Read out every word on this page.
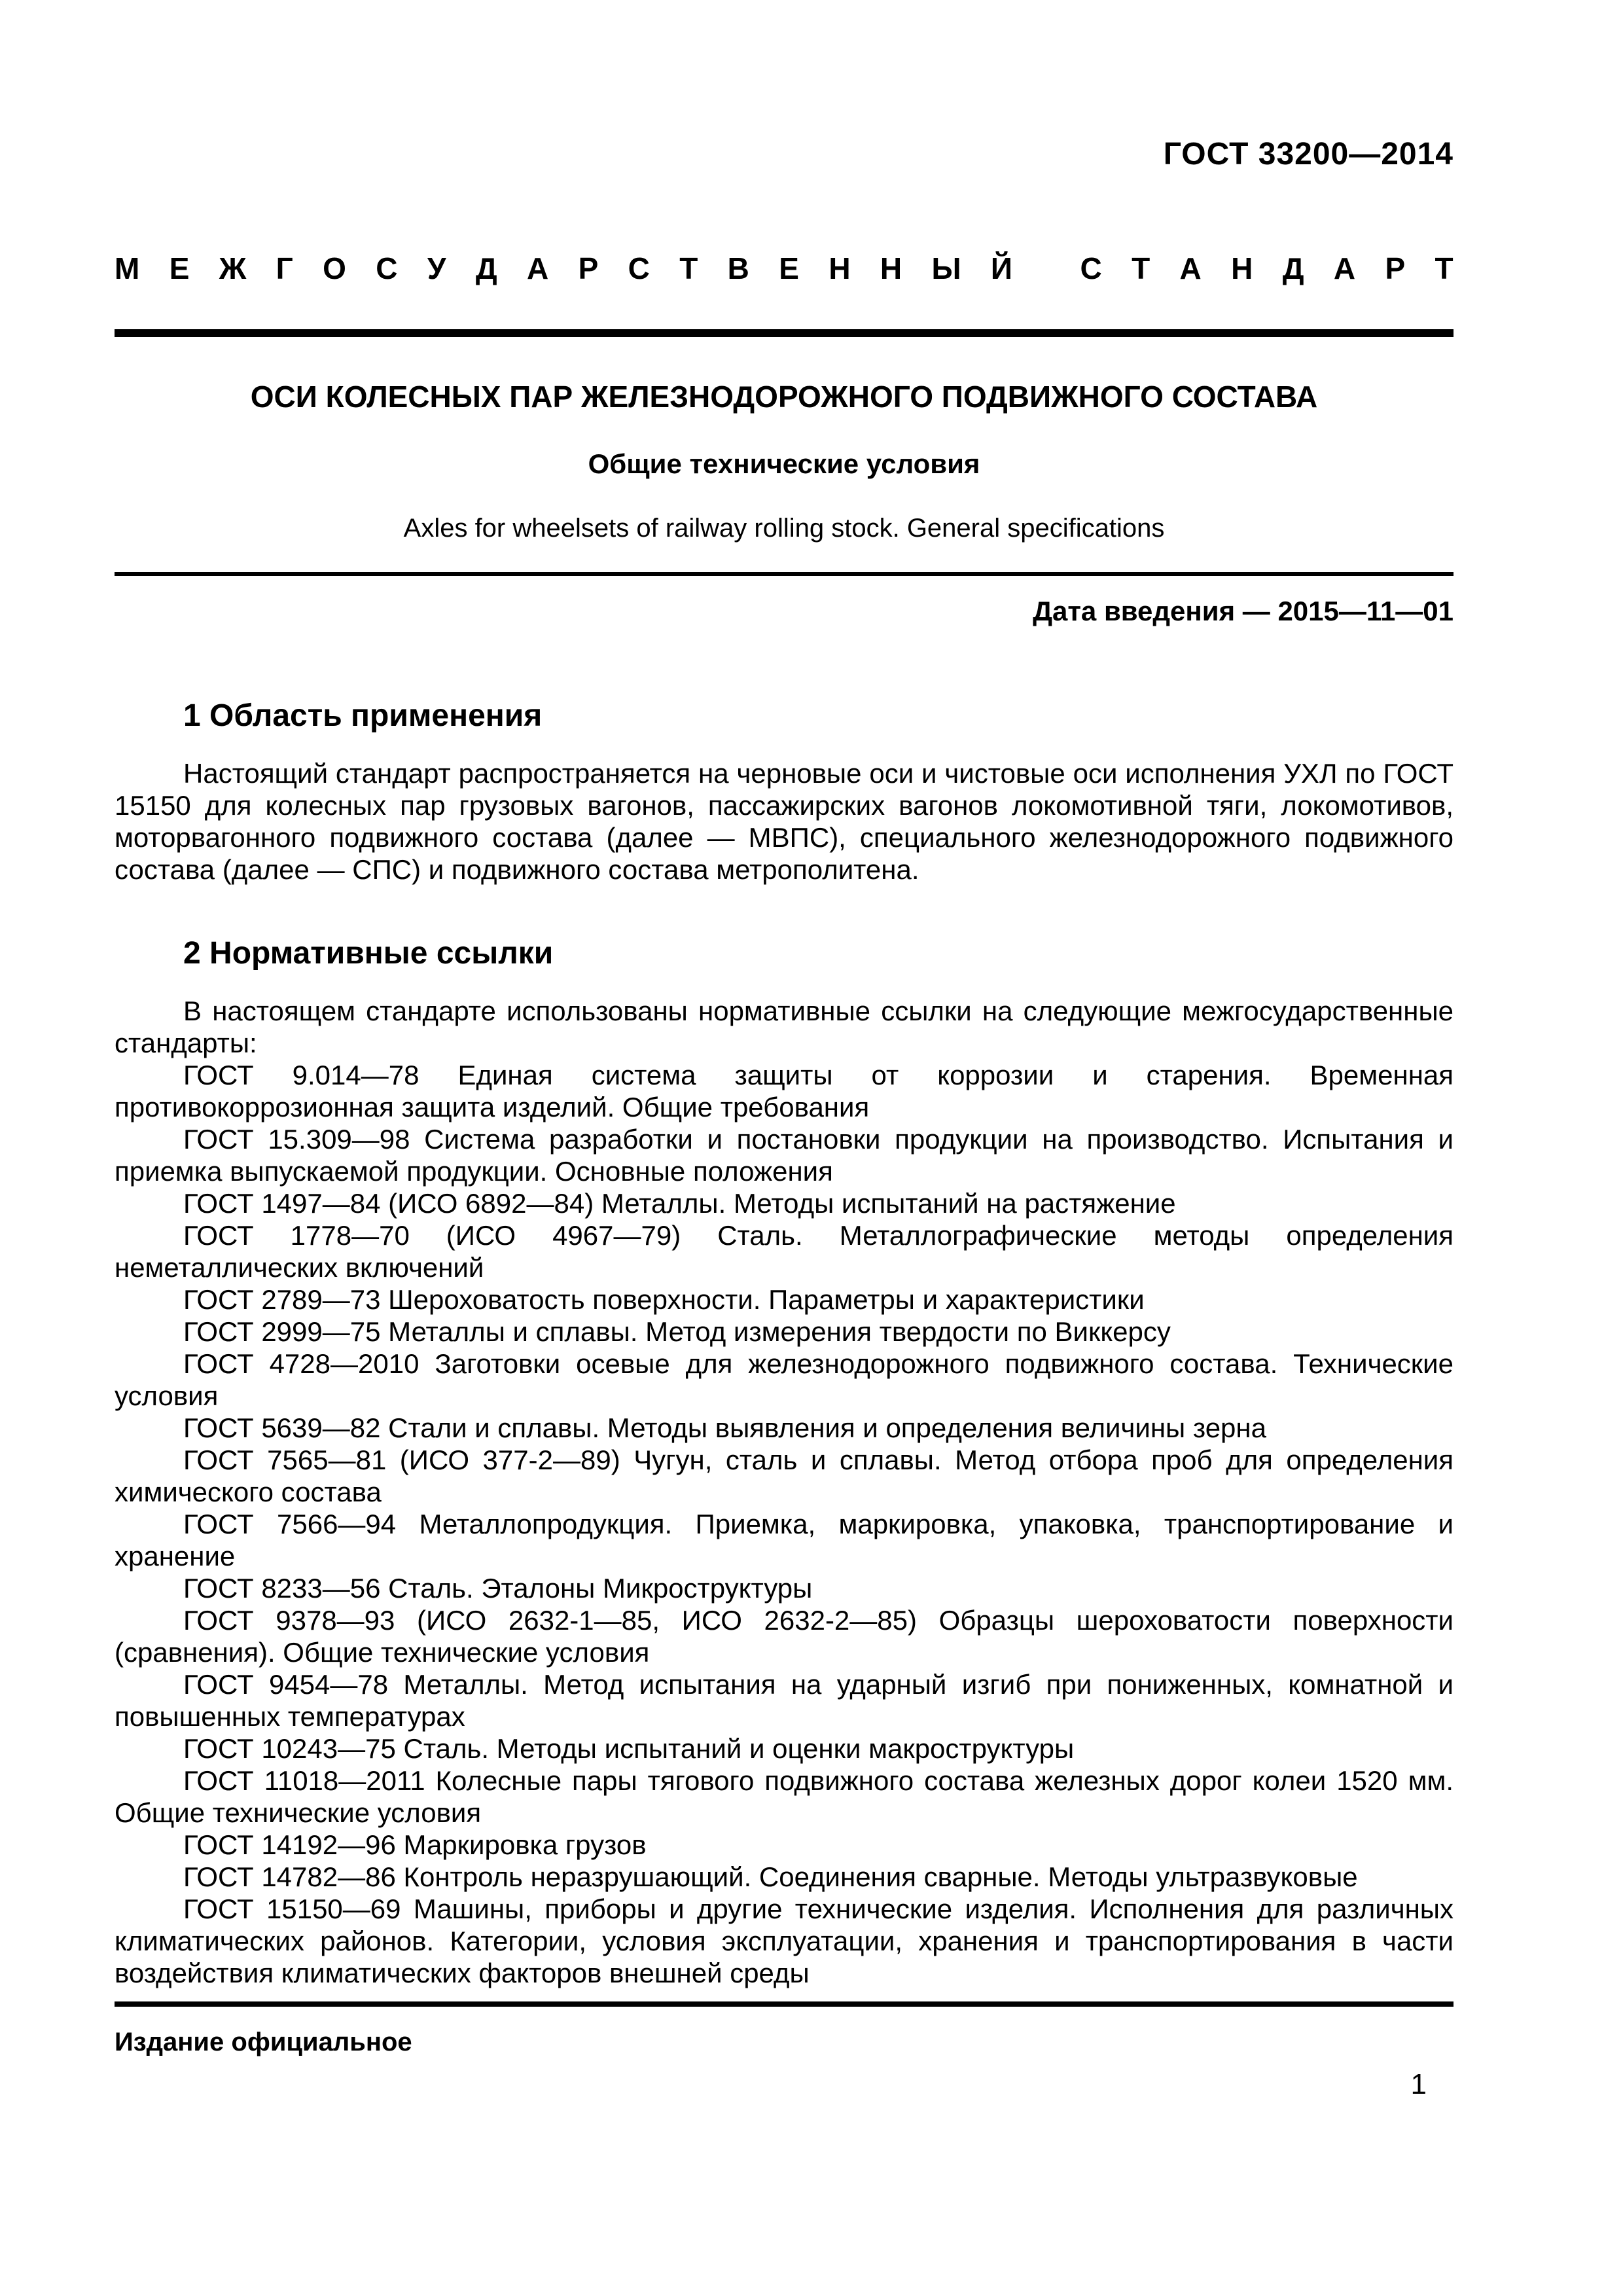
ГОСТ 33200—2014
М Е Ж Г О С У Д А Р С Т В Е Н Н Ы Й
С Т А Н Д А Р Т
ОСИ КОЛЕСНЫХ ПАР ЖЕЛЕЗНОДОРОЖНОГО ПОДВИЖНОГО СОСТАВА
Общие технические условия
Axles for wheelsets of railway rolling stock. General specifications
Дата введения — 2015—11—01
1 Область применения

Настоящий стандарт распространяется на черновые оси и чистовые оси исполнения УХЛ по ГОСТ 15150 для колесных пар грузовых вагонов, пассажирских вагонов локомотивной тяги, локомотивов, моторвагонного подвижного состава (далее — МВПС), специального железнодорожного подвижного состава (далее — СПС) и подвижного состава метрополитена.

2 Нормативные ссылки

В настоящем стандарте использованы нормативные ссылки на следующие межгосударственные стандарты:

ГОСТ 9.014—78 Единая система защиты от коррозии и старения. Временная противокоррозионная защита изделий. Общие требования

ГОСТ 15.309—98 Система разработки и постановки продукции на производство. Испытания и приемка выпускаемой продукции. Основные положения

ГОСТ 1497—84 (ИСО 6892—84) Металлы. Методы испытаний на растяжение

ГОСТ 1778—70 (ИСО 4967—79) Сталь. Металлографические методы определения неметаллических включений

ГОСТ 2789—73 Шероховатость поверхности. Параметры и характеристики

ГОСТ 2999—75 Металлы и сплавы. Метод измерения твердости по Виккерсу

ГОСТ 4728—2010 Заготовки осевые для железнодорожного подвижного состава. Технические условия

ГОСТ 5639—82 Стали и сплавы. Методы выявления и определения величины зерна

ГОСТ 7565—81 (ИСО 377-2—89) Чугун, сталь и сплавы. Метод отбора проб для определения химического состава

ГОСТ 7566—94 Металлопродукция. Приемка, маркировка, упаковка, транспортирование и хранение

ГОСТ 8233—56 Сталь. Эталоны Микроструктуры

ГОСТ 9378—93 (ИСО 2632-1—85, ИСО 2632-2—85) Образцы шероховатости поверхности (сравнения). Общие технические условия

ГОСТ 9454—78 Металлы. Метод испытания на ударный изгиб при пониженных, комнатной и повышенных температурах

ГОСТ 10243—75 Сталь. Методы испытаний и оценки макроструктуры

ГОСТ 11018—2011 Колесные пары тягового подвижного состава железных дорог колеи 1520 мм. Общие технические условия

ГОСТ 14192—96 Маркировка грузов

ГОСТ 14782—86 Контроль неразрушающий. Соединения сварные. Методы ультразвуковые

ГОСТ 15150—69 Машины, приборы и другие технические изделия. Исполнения для различных климатических районов. Категории, условия эксплуатации, хранения и транспортирования в части воздействия климатических факторов внешней среды

Издание официальное
1
